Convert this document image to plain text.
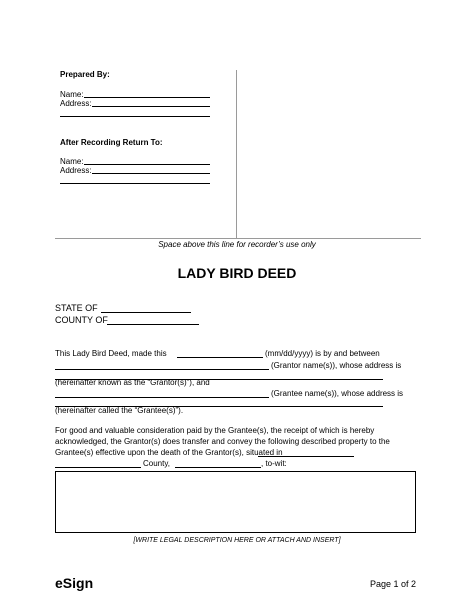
Prepared By:
Name:
Address:
After Recording Return To:
Name:
Address:
Space above this line for recorder’s use only
LADY BIRD DEED
STATE OF
COUNTY OF
This Lady Bird Deed, made this	(mm/dd/yyyy) is by and between
(Grantor name(s)), whose address is
(hereinafter known as the “Grantor(s)”), and
(Grantee name(s)), whose address is
(hereinafter called the “Grantee(s)”).
For good and valuable consideration paid by the Grantee(s), the receipt of which is hereby
acknowledged, the Grantor(s) does transfer and convey the following described property to the
Grantee(s) effective upon the death of the Grantor(s), situated in
County,	, to-wit:
[WRITE LEGAL DESCRIPTION HERE OR ATTACH AND INSERT]
eSign	Page 1 of 2
